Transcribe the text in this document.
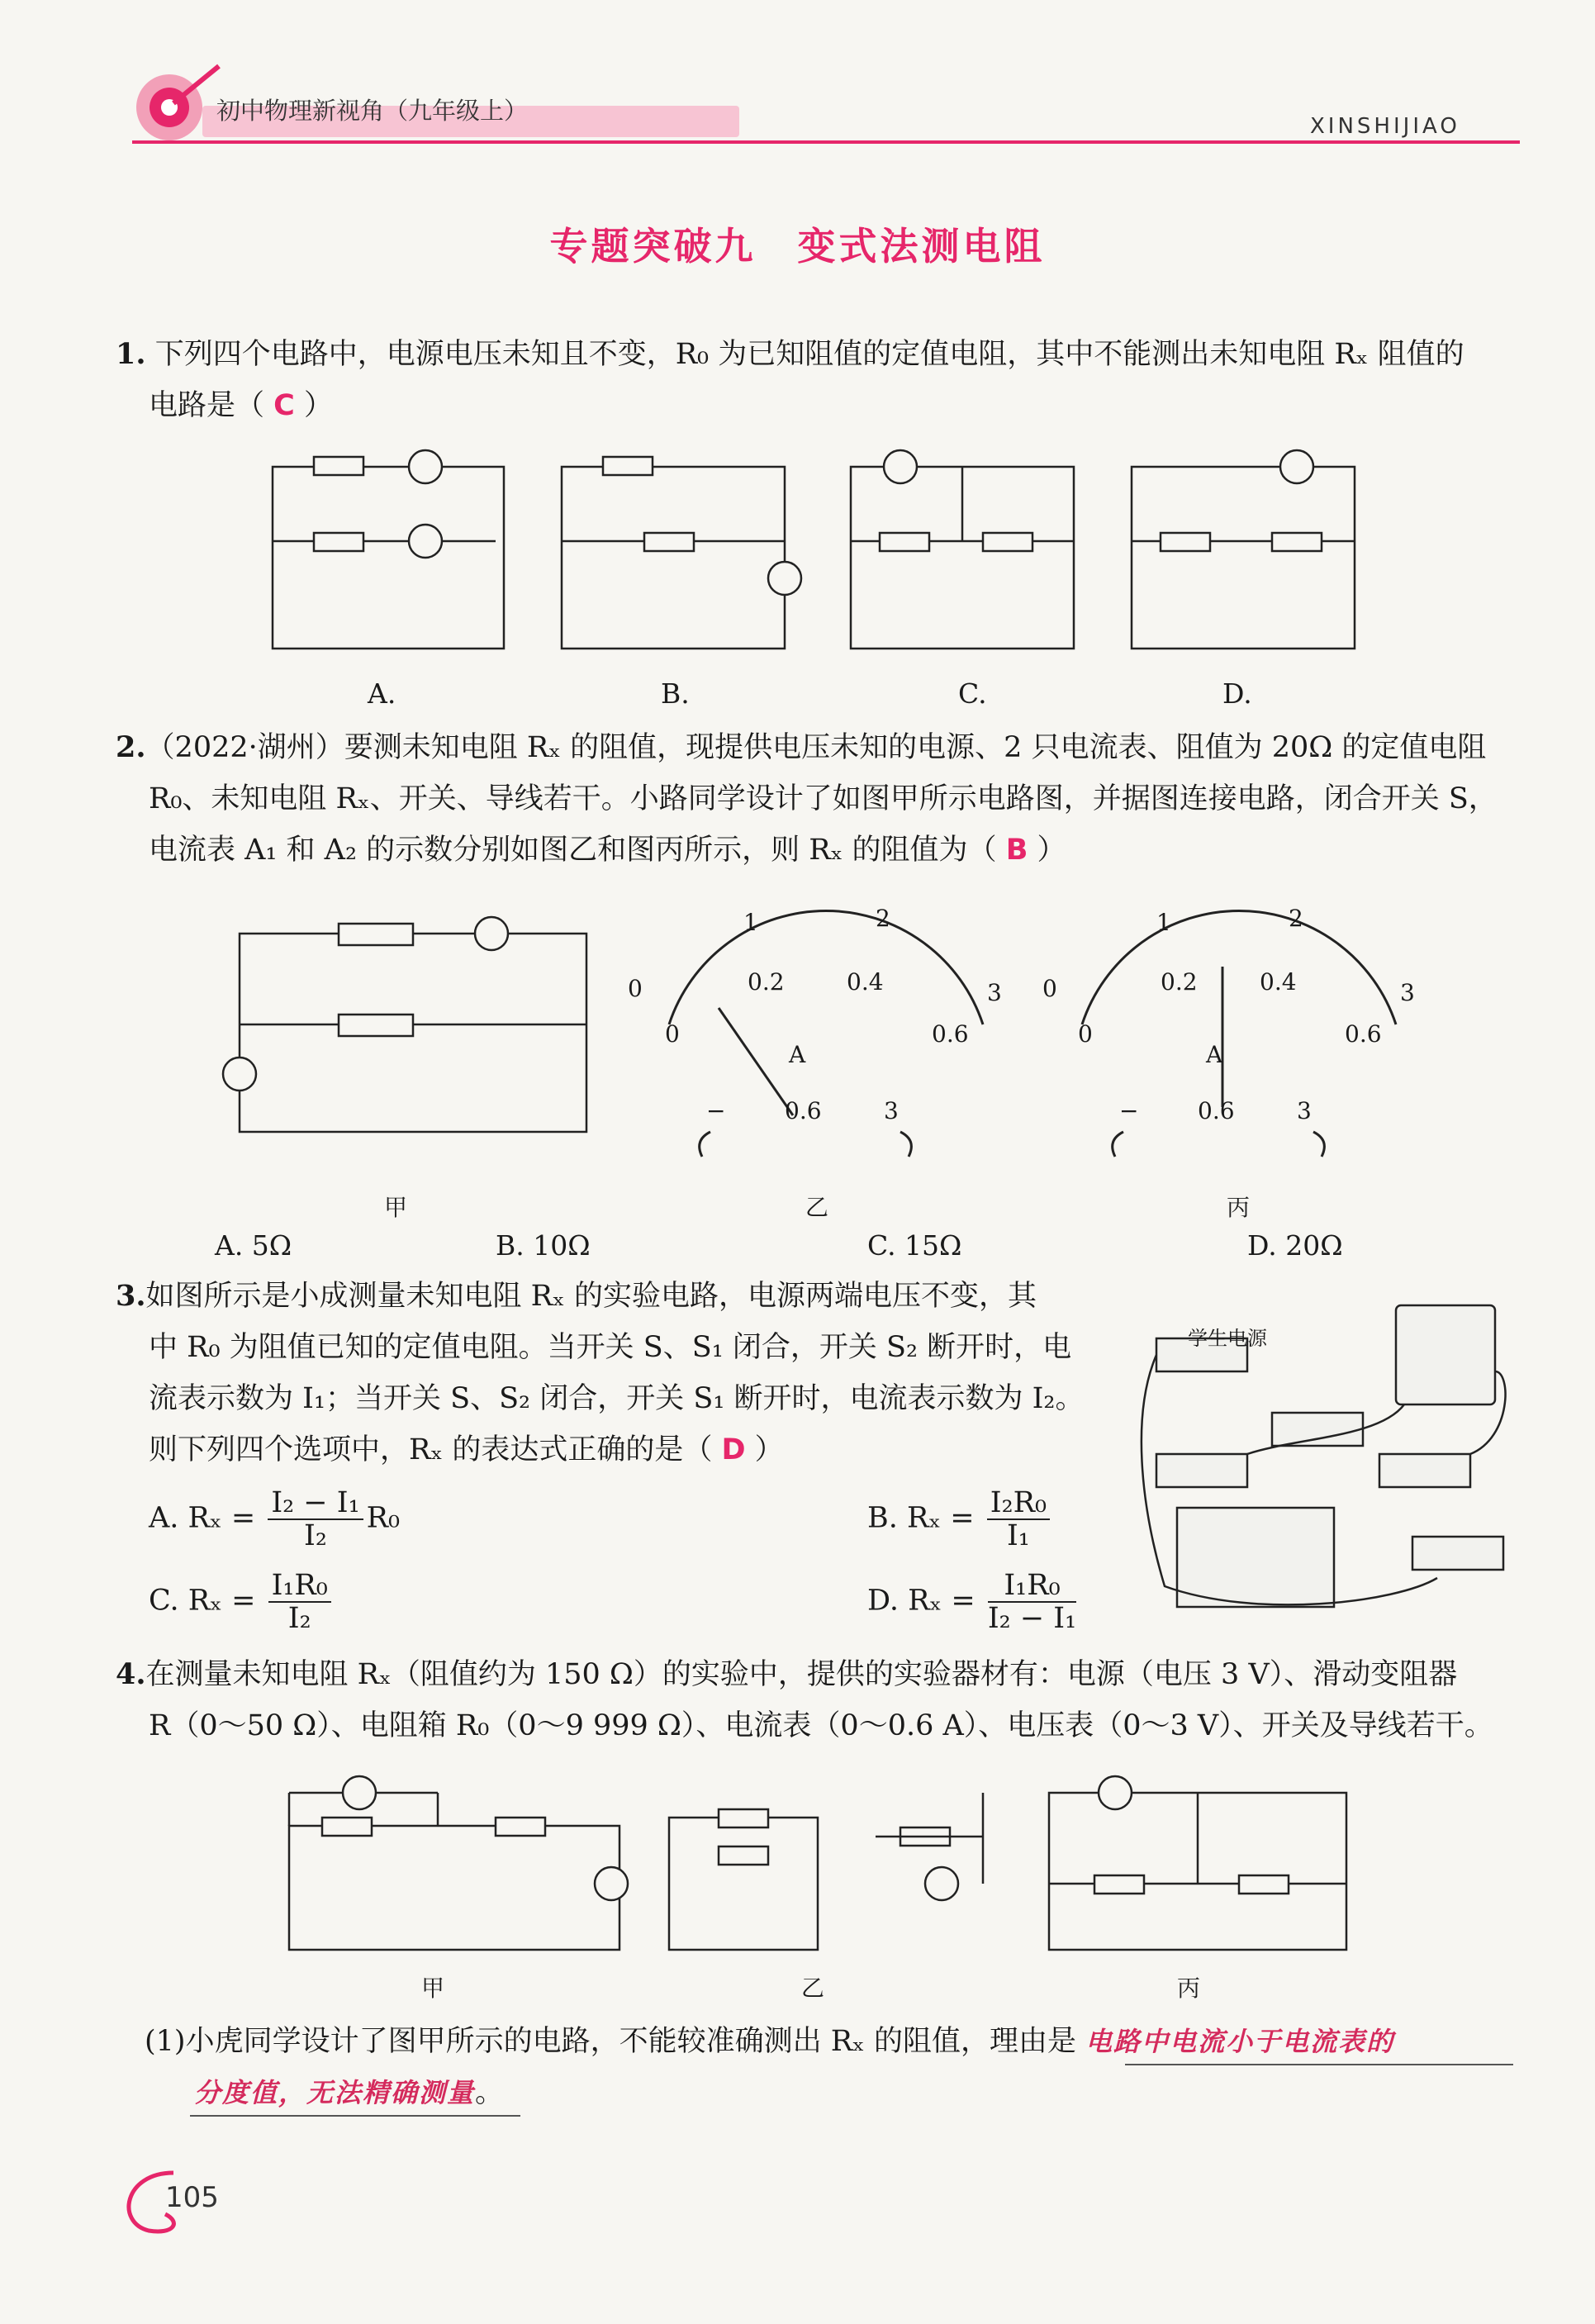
初中物理新视角（九年级上）
XINSHIJIAO
专题突破九　变式法测电阻
1. 下列四个电路中，电源电压未知且不变，R₀ 为已知阻值的定值电阻，其中不能测出未知电阻 Rₓ 阻值的
电路是（ C ）
A.	B.	C.	D.
2.（2022·湖州）要测未知电阻 Rₓ 的阻值，现提供电压未知的电源、2 只电流表、阻值为 20Ω 的定值电阻
R₀、未知电阻 Rₓ、开关、导线若干。小路同学设计了如图甲所示电路图，并据图连接电路，闭合开关 S，
电流表 A₁ 和 A₂ 的示数分别如图乙和图丙所示，则 Rₓ 的阻值为（ B ）
1	2
0	3
0
0.2	0.4
0.6
A
−	0.6	3
1	2
0	3
0
0.2	0.4
0.6
A
−	0.6	3
甲	乙	丙
A. 5Ω	B. 10Ω	C. 15Ω	D. 20Ω
3.如图所示是小成测量未知电阻 Rₓ 的实验电路，电源两端电压不变，其
中 R₀ 为阻值已知的定值电阻。当开关 S、S₁ 闭合，开关 S₂ 断开时，电
流表示数为 I₁；当开关 S、S₂ 闭合，开关 S₁ 断开时，电流表示数为 I₂。
则下列四个选项中，Rₓ 的表达式正确的是（ D ）
A. $R_x = \frac{\text{I₂ − I₁}}{\text{I₂}} R_0$	B. $R_x = \frac{\text{I₂R₀}}{\text{I₁}}$
C. $R_x = \frac{\text{I₁R₀}}{\text{I₂}}$	D. $R_x = \frac{\text{I₁R₀}}{\text{I₂ − I₁}}$
学生电源
4.在测量未知电阻 Rₓ（阻值约为 150 Ω）的实验中，提供的实验器材有：电源（电压 3 V）、滑动变阻器
R（0～50 Ω）、电阻箱 R₀（0～9 999 Ω）、电流表（0～0.6 A）、电压表（0～3 V）、开关及导线若干。
甲	乙	丙
(1)小虎同学设计了图甲所示的电路，不能较准确测出 Rₓ 的阻值，理由是 电路中电流小于电流表的
分度值，无法精确测量。
105
